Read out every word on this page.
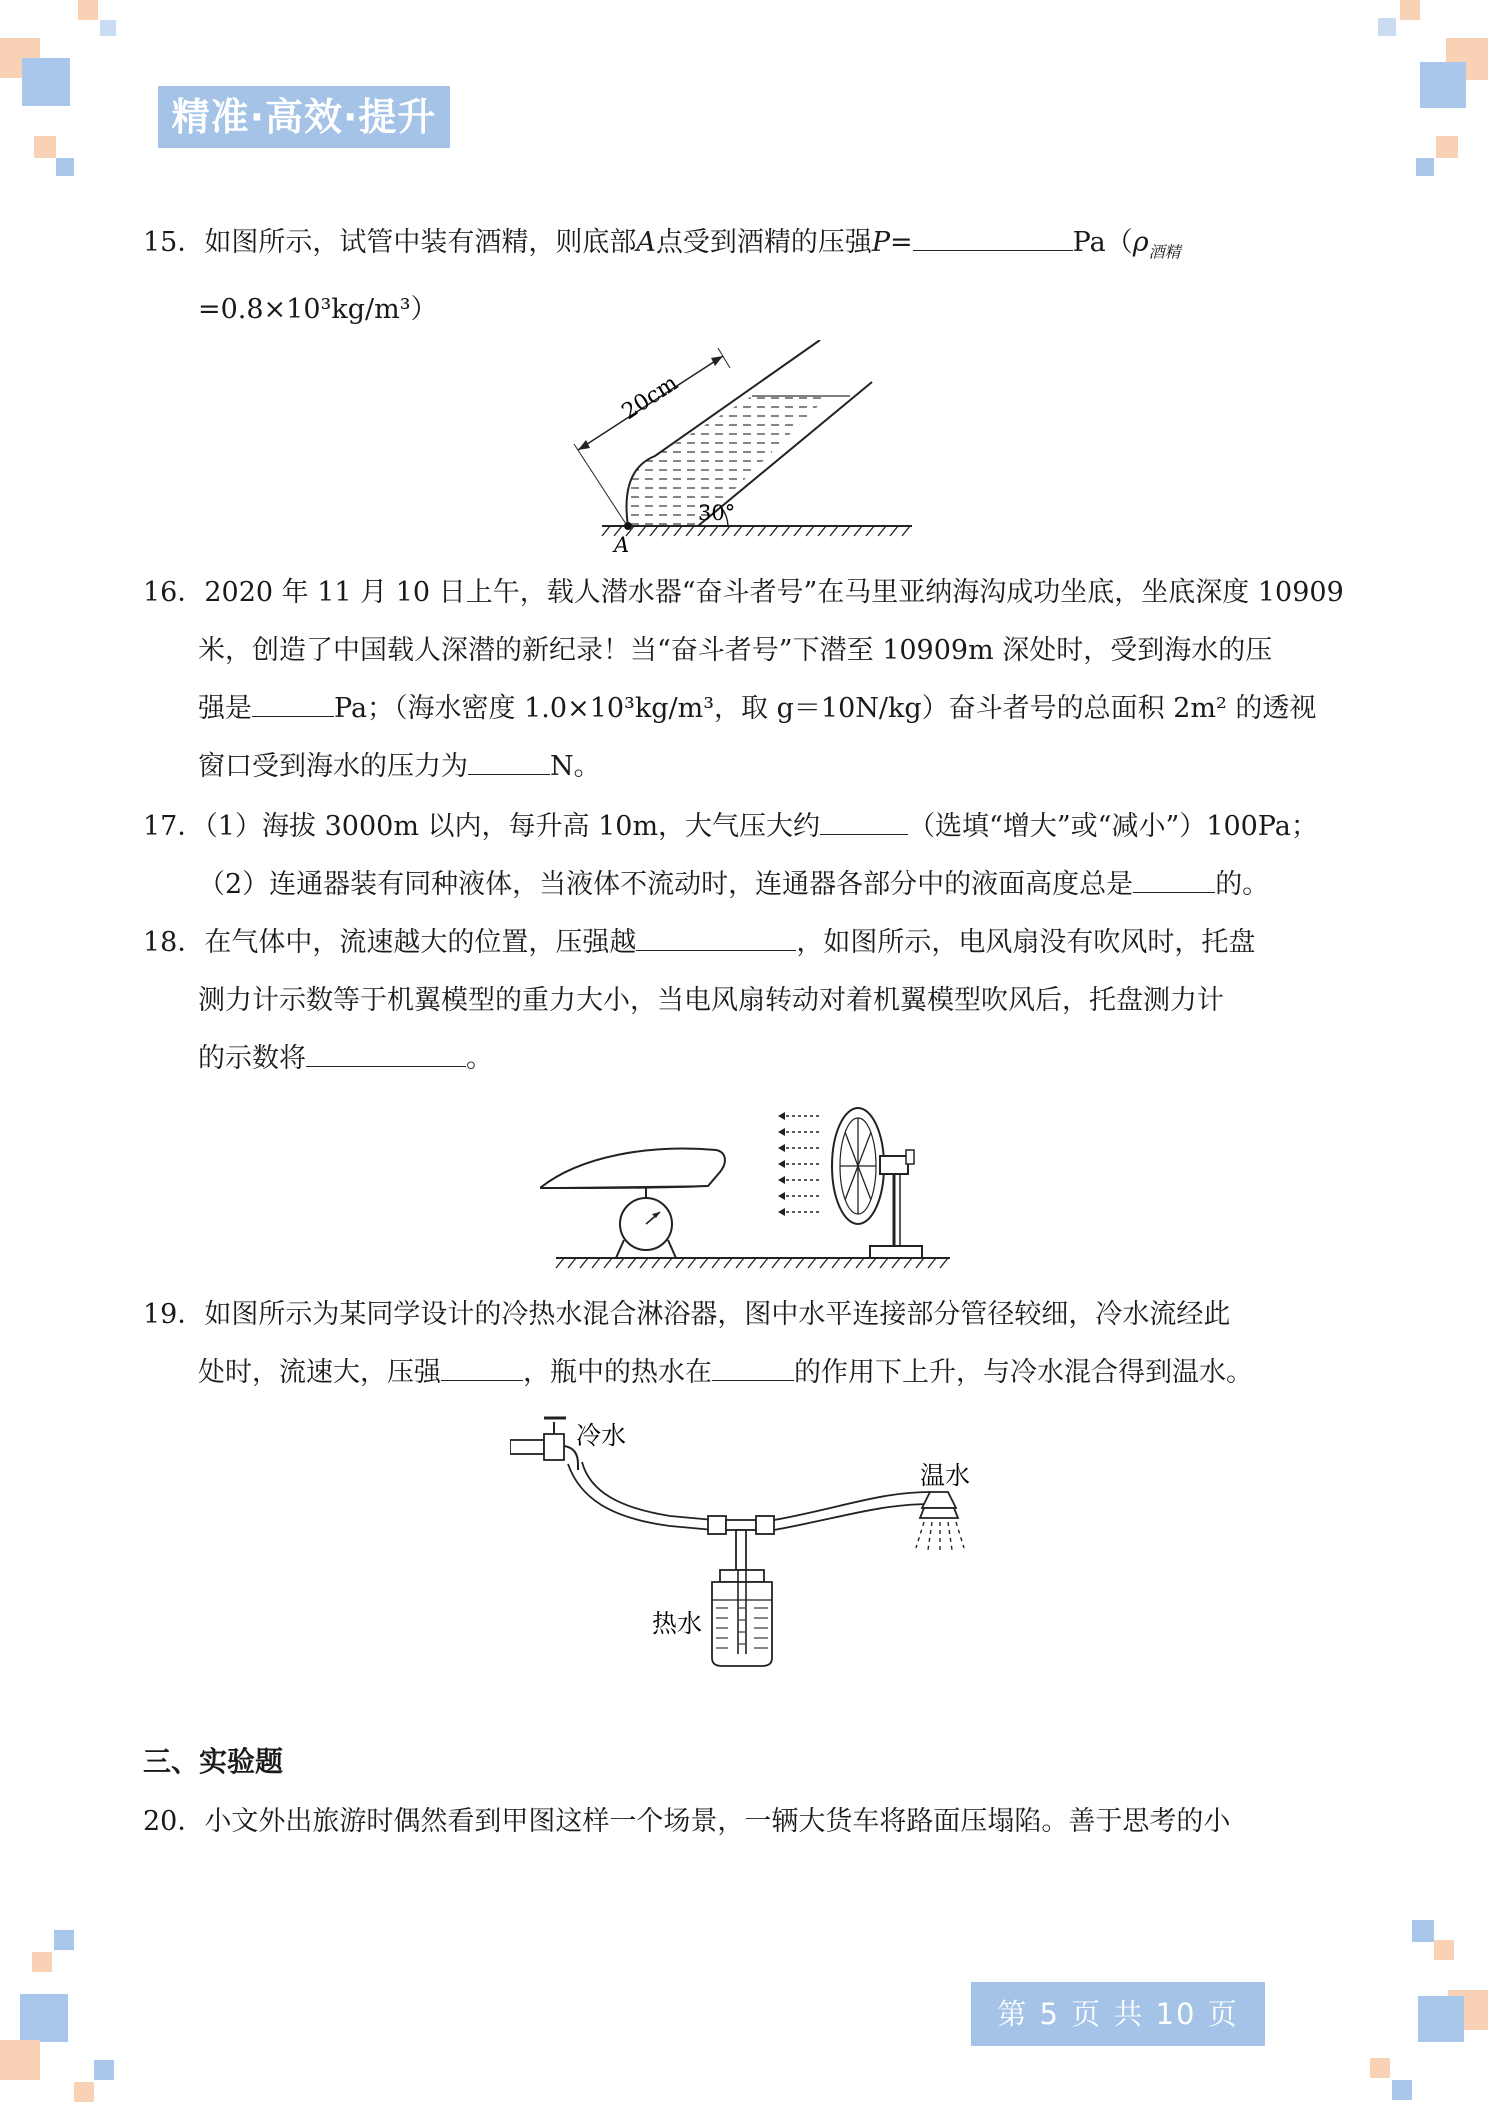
精准·高效·提升
15．如图所示，试管中装有酒精，则底部A点受到酒精的压强P=	$Pa(\rho_{酒精}$
=0.8×10³kg/m³）
20cm
30°
A
16．2020 年 11 月 10 日上午，载人潜水器“奋斗者号”在马里亚纳海沟成功坐底，坐底深度 10909
米，创造了中国载人深潜的新纪录！当“奋斗者号”下潜至 10909m 深处时，受到海水的压
强是	Pa；（海水密度 1.0×10³kg/m³，取 g＝10N/kg）奋斗者号的总面积 2m² 的透视
窗口受到海水的压力为	N。
17．（1）海拔 3000m 以内，每升高 10m，大气压大约	（选填“增大”或“减小”）100Pa；
（2）连通器装有同种液体，当液体不流动时，连通器各部分中的液面高度总是	的。
18．在气体中，流速越大的位置，压强越	，如图所示，电风扇没有吹风时，托盘
测力计示数等于机翼模型的重力大小，当电风扇转动对着机翼模型吹风后，托盘测力计
的示数将	。
19．如图所示为某同学设计的冷热水混合淋浴器，图中水平连接部分管径较细，冷水流经此
处时，流速大，压强	，瓶中的热水在	的作用下上升，与冷水混合得到温水。
冷水
温水
热水
三、实验题
20．小文外出旅游时偶然看到甲图这样一个场景，一辆大货车将路面压塌陷。善于思考的小
第 5 页 共 10 页
